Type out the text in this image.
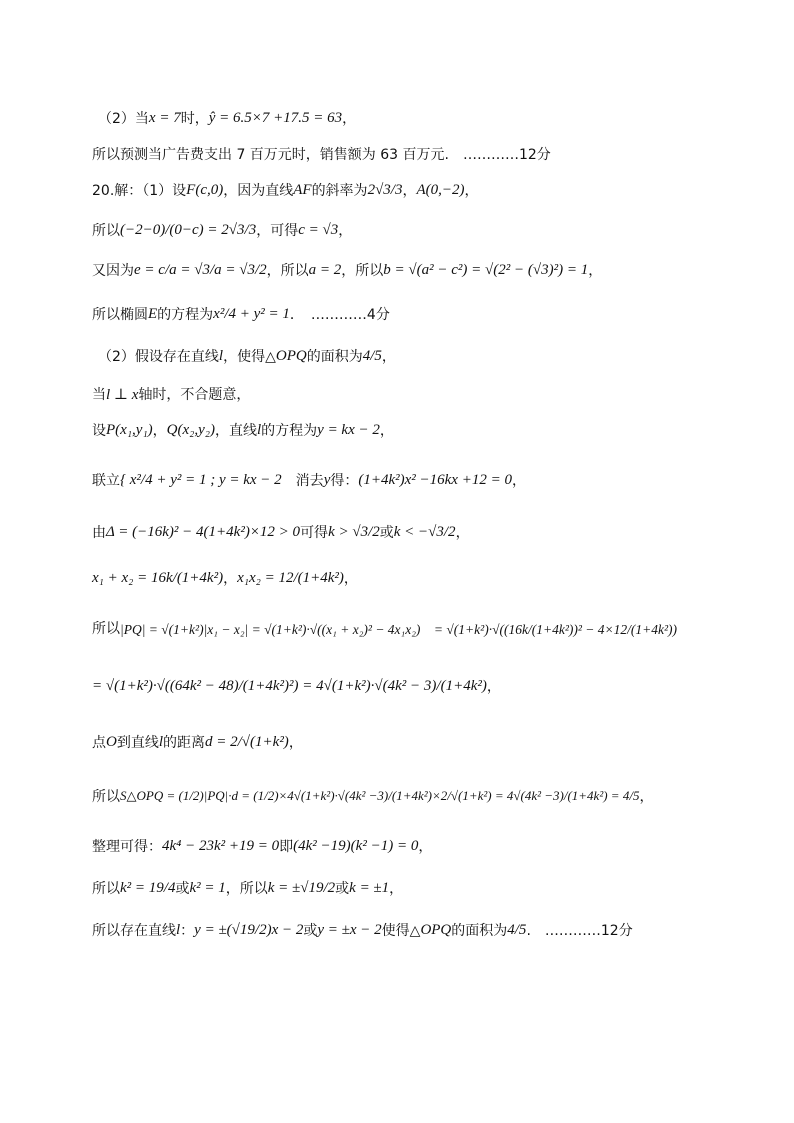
（2）当 x = 7 时， ŷ = 6.5×7 +17.5 = 63 ，
所以预测当广告费支出 7 百万元时，销售额为 63 百万元.　…………12分
20.解：（1）设 F(c,0) ，因为直线 AF 的斜率为 2√3/3 ， A(0,−2) ，
所以 (−2−0)/(0−c) = 2√3/3 ，可得 c = √3 ，
又因为 e = c/a = √3/a = √3/2 ，所以 a = 2 ，所以 b = √(a² − c²) = √(2² − (√3)²) = 1 ，
所以椭圆 E 的方程为 x²/4 + y² = 1 ．　…………4分
（2）假设存在直线 l ，使得△ OPQ 的面积为 4/5 ，
当 l ⊥ x 轴时，不合题意，
设 P(x₁,y₁) ， Q(x₂,y₂) ，直线 l 的方程为 y = kx − 2 ，
联立 { x²/4 + y² = 1 ; y = kx − 2 　消去 y 得： (1+4k²)x² −16kx +12 = 0 ，
由 Δ = (−16k)² − 4(1+4k²)×12 > 0 可得 k > √3/2 或 k < −√3/2 ，
x₁ + x₂ = 16k/(1+4k²) ， x₁x₂ = 12/(1+4k²) ，
所以 |PQ| = √(1+k²)|x₁ − x₂| = √(1+k²)·√((x₁ + x₂)² − 4x₁x₂)　= √(1+k²)·√((16k/(1+4k²))² − 4×12/(1+4k²))
= √(1+k²)·√((64k² − 48)/(1+4k²)²) = 4√(1+k²)·√(4k² − 3)/(1+4k²) ，
点 O 到直线 l 的距离 d = 2/√(1+k²) ，
所以 S△OPQ = (1/2)|PQ|·d = (1/2)×4√(1+k²)·√(4k² −3)/(1+4k²)×2/√(1+k²) = 4√(4k² −3)/(1+4k²) = 4/5 ，
整理可得： 4k⁴ − 23k² +19 = 0 即 (4k² −19)(k² −1) = 0 ，
所以 k² = 19/4 或 k² = 1 ，所以 k = ±√19/2 或 k = ±1 ，
所以存在直线 l ： y = ±(√19/2)x − 2 或 y = ±x − 2 使得△ OPQ 的面积为 4/5 .　…………12分
